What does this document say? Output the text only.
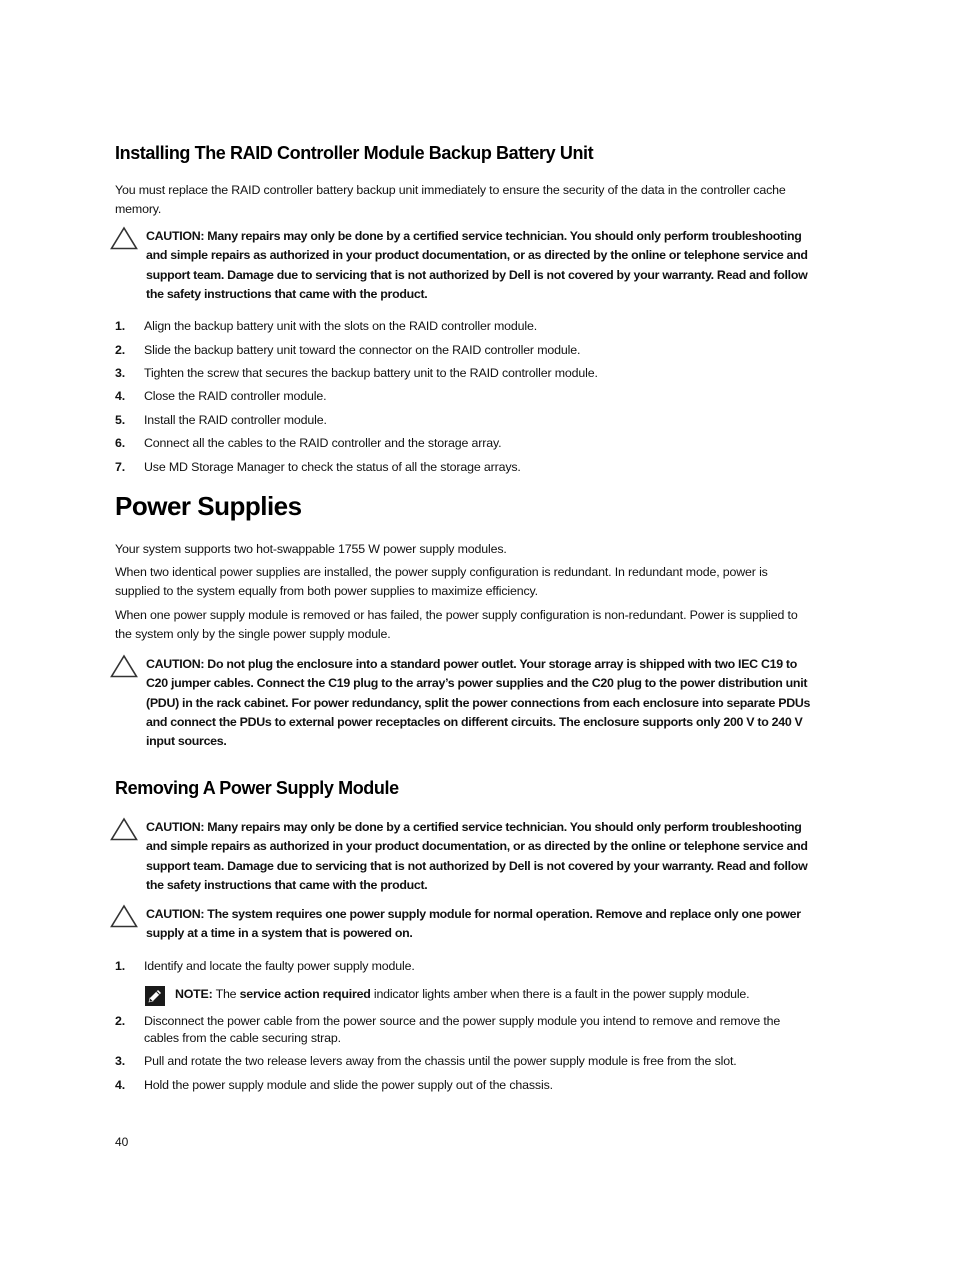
Installing The RAID Controller Module Backup Battery Unit
You must replace the RAID controller battery backup unit immediately to ensure the security of the data in the controller cache memory.
CAUTION: Many repairs may only be done by a certified service technician. You should only perform troubleshooting and simple repairs as authorized in your product documentation, or as directed by the online or telephone service and support team. Damage due to servicing that is not authorized by Dell is not covered by your warranty. Read and follow the safety instructions that came with the product.
1. Align the backup battery unit with the slots on the RAID controller module.
2. Slide the backup battery unit toward the connector on the RAID controller module.
3. Tighten the screw that secures the backup battery unit to the RAID controller module.
4. Close the RAID controller module.
5. Install the RAID controller module.
6. Connect all the cables to the RAID controller and the storage array.
7. Use MD Storage Manager to check the status of all the storage arrays.
Power Supplies
Your system supports two hot-swappable 1755 W power supply modules.
When two identical power supplies are installed, the power supply configuration is redundant. In redundant mode, power is supplied to the system equally from both power supplies to maximize efficiency.
When one power supply module is removed or has failed, the power supply configuration is non-redundant. Power is supplied to the system only by the single power supply module.
CAUTION: Do not plug the enclosure into a standard power outlet. Your storage array is shipped with two IEC C19 to C20 jumper cables. Connect the C19 plug to the array’s power supplies and the C20 plug to the power distribution unit (PDU) in the rack cabinet. For power redundancy, split the power connections from each enclosure into separate PDUs and connect the PDUs to external power receptacles on different circuits. The enclosure supports only 200 V to 240 V input sources.
Removing A Power Supply Module
CAUTION: Many repairs may only be done by a certified service technician. You should only perform troubleshooting and simple repairs as authorized in your product documentation, or as directed by the online or telephone service and support team. Damage due to servicing that is not authorized by Dell is not covered by your warranty. Read and follow the safety instructions that came with the product.
CAUTION: The system requires one power supply module for normal operation. Remove and replace only one power supply at a time in a system that is powered on.
1. Identify and locate the faulty power supply module.
NOTE: The service action required indicator lights amber when there is a fault in the power supply module.
2. Disconnect the power cable from the power source and the power supply module you intend to remove and remove the cables from the cable securing strap.
3. Pull and rotate the two release levers away from the chassis until the power supply module is free from the slot.
4. Hold the power supply module and slide the power supply out of the chassis.
40
